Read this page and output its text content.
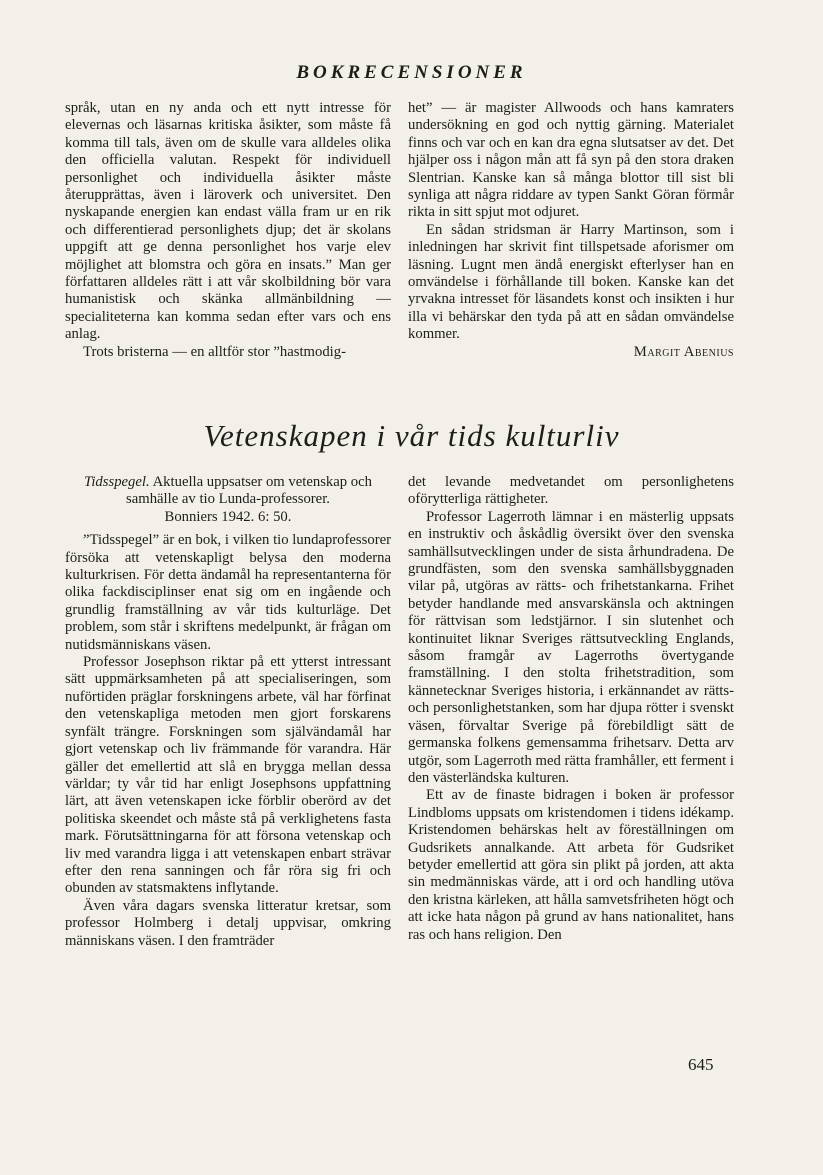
BOKRECENSIONER

språk, utan en ny anda och ett nytt intresse för elevernas och läsarnas kritiska åsikter, som måste få komma till tals, även om de skulle vara alldeles olika den officiella valutan. Respekt för individuell personlighet och individuella åsikter måste återupprättas, även i läroverk och universitet. Den nyskapande energien kan endast välla fram ur en rik och differentierad personlighets djup; det är skolans uppgift att ge denna personlighet hos varje elev möjlighet att blomstra och göra en insats.” Man ger författaren alldeles rätt i att vår skolbildning bör vara humanistisk och skänka allmänbildning — specialiteterna kan komma sedan efter vars och ens anlag.

Trots bristerna — en alltför stor ”hastmodig-

het” — är magister Allwoods och hans kamraters undersökning en god och nyttig gärning. Materialet finns och var och en kan dra egna slutsatser av det. Det hjälper oss i någon mån att få syn på den stora draken Slentrian. Kanske kan så många blottor till sist bli synliga att några riddare av typen Sankt Göran förmår rikta in sitt spjut mot odjuret.

En sådan stridsman är Harry Martinson, som i inledningen har skrivit fint tillspetsade aforismer om läsning. Lugnt men ändå energiskt efterlyser han en omvändelse i förhållande till boken. Kanske kan det yrvakna intresset för läsandets konst och insikten i hur illa vi behärskar den tyda på att en sådan omvändelse kommer.

Margit Abenius

Vetenskapen i vår tids kulturliv

Tidsspegel. Aktuella uppsatser om vetenskap och samhälle av tio Lunda-professorer.
Bonniers 1942. 6: 50.

”Tidsspegel” är en bok, i vilken tio lundaprofessorer försöka att vetenskapligt belysa den moderna kulturkrisen. För detta ändamål ha representanterna för olika fackdisciplinser enat sig om en ingående och grundlig framställning av vår tids kulturläge. Det problem, som står i skriftens medelpunkt, är frågan om nutidsmänniskans väsen.

Professor Josephson riktar på ett ytterst intressant sätt uppmärksamheten på att specialiseringen, som nuförtiden präglar forskningens arbete, väl har förfinat den vetenskapliga metoden men gjort forskarens synfält trängre. Forskningen som självändamål har gjort vetenskap och liv främmande för varandra. Här gäller det emellertid att slå en brygga mellan dessa världar; ty vår tid har enligt Josephsons uppfattning lärt, att även vetenskapen icke förblir oberörd av det politiska skeendet och måste stå på verklighetens fasta mark. Förutsättningarna för att försona vetenskap och liv med varandra ligga i att vetenskapen enbart strävar efter den rena sanningen och får röra sig fri och obunden av statsmaktens inflytande.

Även våra dagars svenska litteratur kretsar, som professor Holmberg i detalj uppvisar, omkring människans väsen. I den framträder

det levande medvetandet om personlighetens oförytterliga rättigheter.

Professor Lagerroth lämnar i en mästerlig uppsats en instruktiv och åskådlig översikt över den svenska samhällsutvecklingen under de sista århundradena. De grundfästen, som den svenska samhällsbyggnaden vilar på, utgöras av rätts- och frihetstankarna. Frihet betyder handlande med ansvarskänsla och aktningen för rättvisan som ledstjärnor. I sin slutenhet och kontinuitet liknar Sveriges rättsutveckling Englands, såsom framgår av Lagerroths övertygande framställning. I den stolta frihetstradition, som kännetecknar Sveriges historia, i erkännandet av rätts- och personlighetstanken, som har djupa rötter i svenskt väsen, förvaltar Sverige på förebildligt sätt de germanska folkens gemensamma frihetsarv. Detta arv utgör, som Lagerroth med rätta framhåller, ett ferment i den västerländska kulturen.

Ett av de finaste bidragen i boken är professor Lindbloms uppsats om kristendomen i tidens idékamp. Kristendomen behärskas helt av föreställningen om Gudsrikets annalkande. Att arbeta för Gudsriket betyder emellertid att göra sin plikt på jorden, att akta sin medmänniskas värde, att i ord och handling utöva den kristna kärleken, att hålla samvetsfriheten högt och att icke hata någon på grund av hans nationalitet, hans ras och hans religion. Den

645
